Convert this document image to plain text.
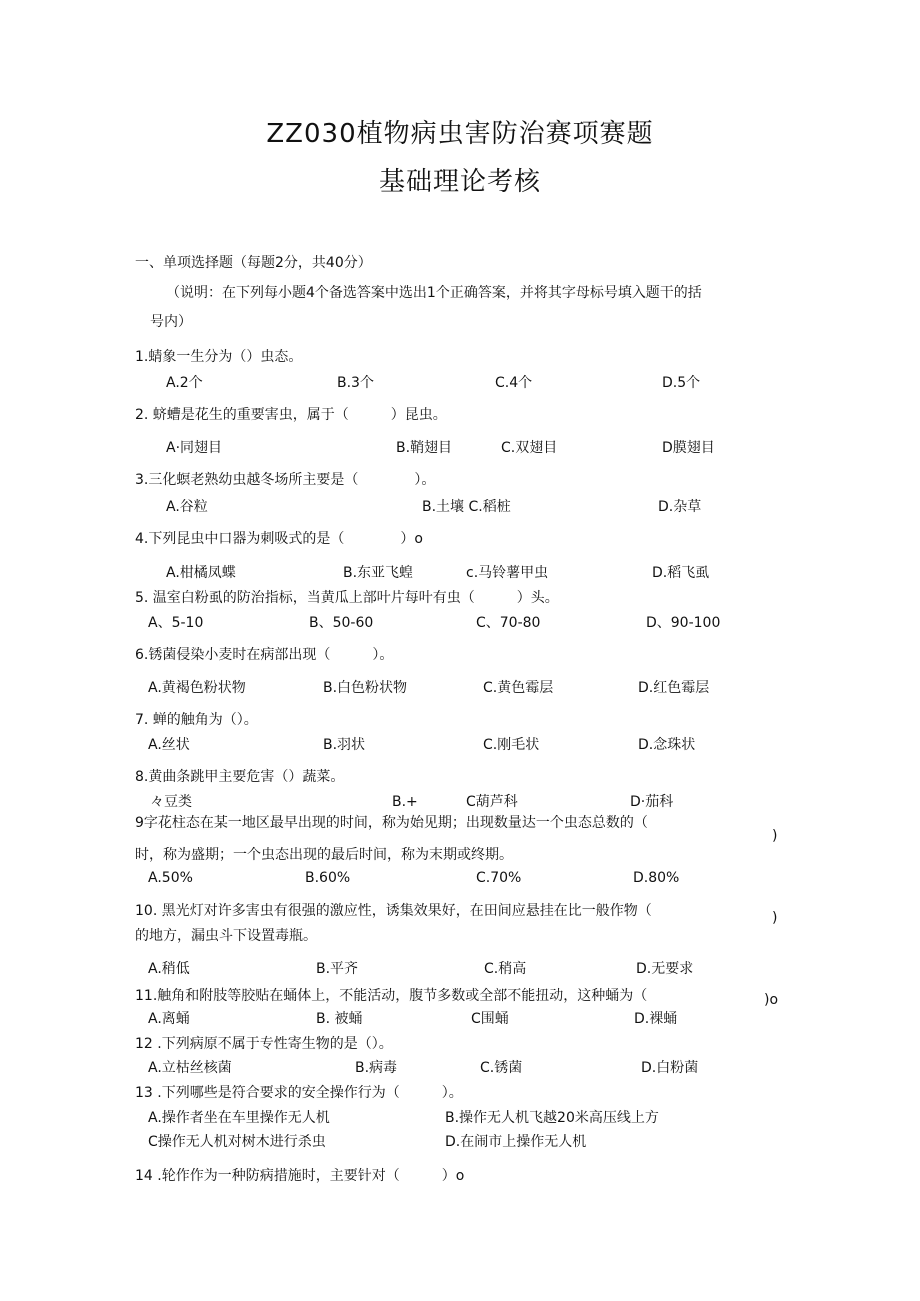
ZZ030植物病虫害防治赛项赛题
基础理论考核
一、单项选择题（每题2分，共40分）
（说明：在下列每小题4个备选答案中选出1个正确答案，并将其字母标号填入题干的括
号内）
1.蜻象一生分为（）虫态。
A.2个	B.3个	C.4个	D.5个
2. 蛴螬是花生的重要害虫，属于（　　　）昆虫。
A·同翅目	B.鞘翅目	C.双翅目	D膜翅目
3.三化螟老熟幼虫越冬场所主要是（　　　　）。
A.谷粒	B.土壤 C.稻桩	D.杂草
4.下列昆虫中口器为刺吸式的是（　　　　）o
A.柑橘凤蝶	B.东亚飞蝗	c.马铃薯甲虫	D.稻飞虱
5. 温室白粉虱的防治指标，当黄瓜上部叶片每叶有虫（　　　）头。
A、5-10	B、50-60	C、70-80	D、90-100
6.锈菌侵染小麦时在病部出现（　　　）。
A.黄褐色粉状物	B.白色粉状物	C.黄色霉层	D.红色霉层
7. 蝉的触角为（）。
A.丝状	B.羽状	C.刚毛状	D.念珠状
8.黄曲条跳甲主要危害（）蔬菜。
々豆类	B.+	C葫芦科	D·茄科
9字花柱态在某一地区最早出现的时间，称为始见期；出现数量达一个虫态总数的（
)
时，称为盛期；一个虫态出现的最后时间，称为末期或终期。
A.50%	B.60%	C.70%	D.80%
10. 黑光灯对许多害虫有很强的激应性，诱集效果好，在田间应悬挂在比一般作物（	)
的地方，漏虫斗下设置毒瓶。
A.稍低	B.平齐	C.稍高	D.无要求
11.触角和附肢等胶贴在蛹体上，不能活动，腹节多数或全部不能扭动，这种蛹为（	)o
A.离蛹	B. 被蛹	C围蛹	D.裸蛹
12 .下列病原不属于专性寄生物的是（）。
A.立枯丝核菌	B.病毒	C.锈菌	D.白粉菌
13 .下列哪些是符合要求的安全操作行为（　　　）。
A.操作者坐在车里操作无人机	B.操作无人机飞越20米高压线上方
C操作无人机对树木进行杀虫	D.在闹市上操作无人机
14 .轮作作为一种防病措施时，主要针对（　　　）o
